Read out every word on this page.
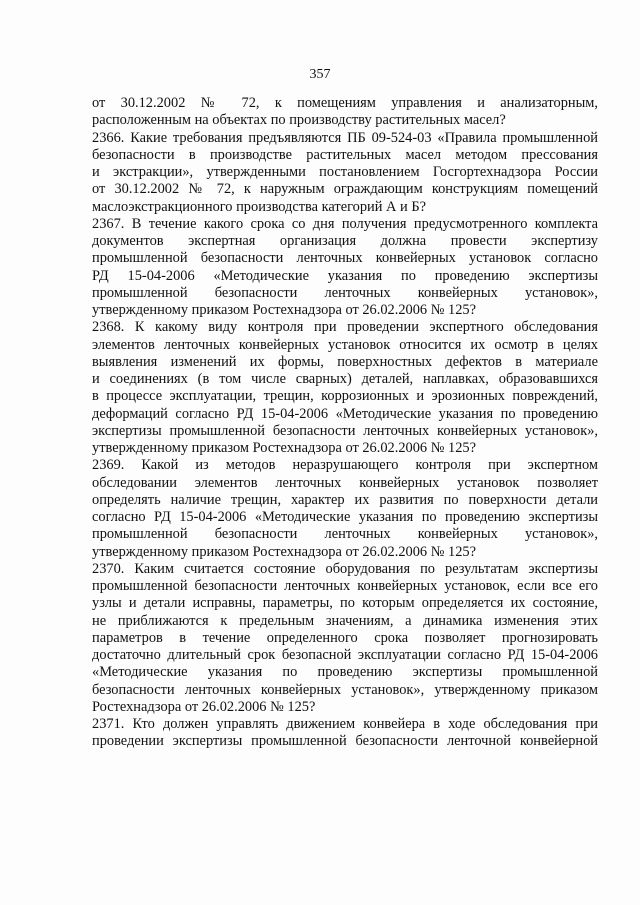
357
от 30.12.2002 № 72, к помещениям управления и анализаторным,
расположенным на объектах по производству растительных масел?
2366. Какие требования предъявляются ПБ 09-524-03 «Правила промышленной
безопасности в производстве растительных масел методом прессования
и экстракции», утвержденными постановлением Госгортехнадзора России
от 30.12.2002 № 72, к наружным ограждающим конструкциям помещений
маслоэкстракционного производства категорий А и Б?
2367. В течение какого срока со дня получения предусмотренного комплекта
документов экспертная организация должна провести экспертизу
промышленной безопасности ленточных конвейерных установок согласно
РД 15-04-2006 «Методические указания по проведению экспертизы
промышленной безопасности ленточных конвейерных установок»,
утвержденному приказом Ростехнадзора от 26.02.2006 № 125?
2368. К какому виду контроля при проведении экспертного обследования
элементов ленточных конвейерных установок относится их осмотр в целях
выявления изменений их формы, поверхностных дефектов в материале
и соединениях (в том числе сварных) деталей, наплавках, образовавшихся
в процессе эксплуатации, трещин, коррозионных и эрозионных повреждений,
деформаций согласно РД 15-04-2006 «Методические указания по проведению
экспертизы промышленной безопасности ленточных конвейерных установок»,
утвержденному приказом Ростехнадзора от 26.02.2006 № 125?
2369. Какой из методов неразрушающего контроля при экспертном
обследовании элементов ленточных конвейерных установок позволяет
определять наличие трещин, характер их развития по поверхности детали
согласно РД 15-04-2006 «Методические указания по проведению экспертизы
промышленной безопасности ленточных конвейерных установок»,
утвержденному приказом Ростехнадзора от 26.02.2006 № 125?
2370. Каким считается состояние оборудования по результатам экспертизы
промышленной безопасности ленточных конвейерных установок, если все его
узлы и детали исправны, параметры, по которым определяется их состояние,
не приближаются к предельным значениям, а динамика изменения этих
параметров в течение определенного срока позволяет прогнозировать
достаточно длительный срок безопасной эксплуатации согласно РД 15-04-2006
«Методические указания по проведению экспертизы промышленной
безопасности ленточных конвейерных установок», утвержденному приказом
Ростехнадзора от 26.02.2006 № 125?
2371. Кто должен управлять движением конвейера в ходе обследования при
проведении экспертизы промышленной безопасности ленточной конвейерной
